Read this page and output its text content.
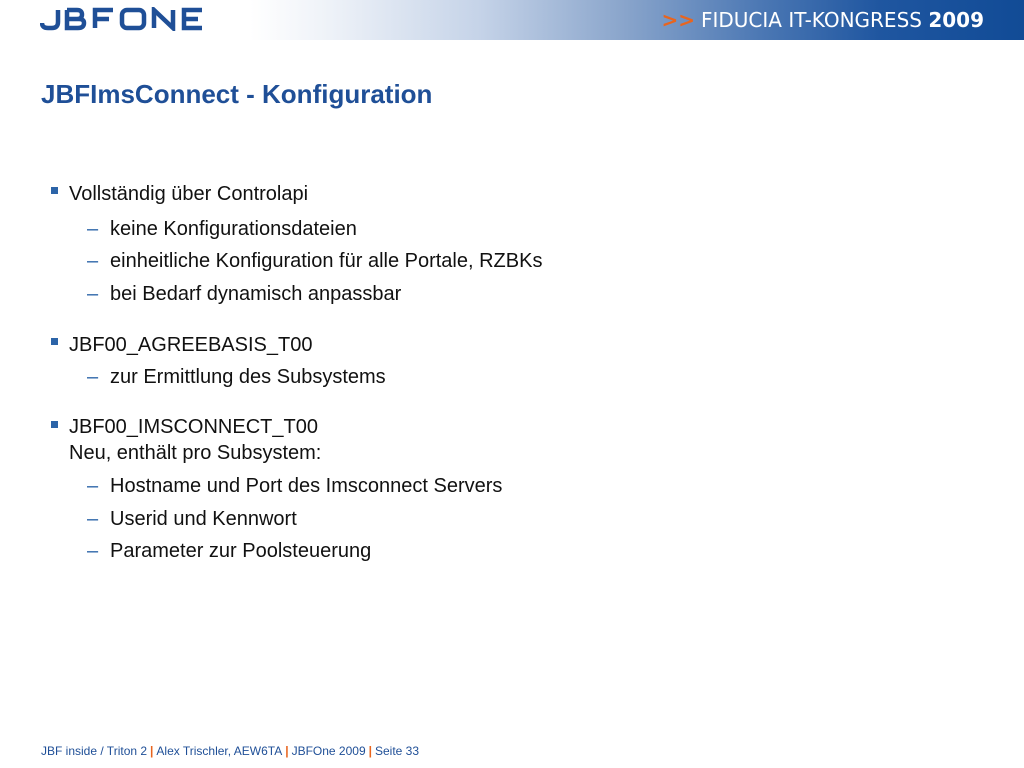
>> FIDUCIA IT-KONGRESS 2009
JBFImsConnect - Konfiguration
Vollständig über Controlapi
– keine Konfigurationsdateien
– einheitliche Konfiguration für alle Portale, RZBKs
– bei Bedarf dynamisch anpassbar
JBF00_AGREEBASIS_T00
– zur Ermittlung des Subsystems
JBF00_IMSCONNECT_T00
Neu, enthält pro Subsystem:
– Hostname und Port des Imsconnect Servers
– Userid und Kennwort
– Parameter zur Poolsteuerung
JBF inside / Triton 2 | Alex Trischler, AEW6TA | JBFOne 2009 | Seite 33
